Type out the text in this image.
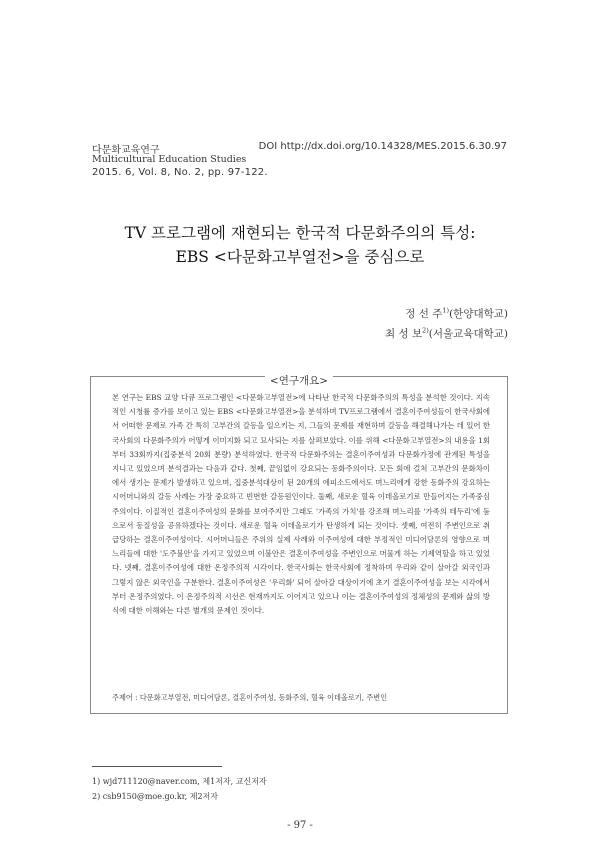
다문화교육연구
Multicultural Education Studies
2015. 6, Vol. 8, No. 2, pp. 97-122.
DOI http://dx.doi.org/10.14328/MES.2015.6.30.97
TV 프로그램에 재현되는 한국적 다문화주의의 특성:
EBS <다문화고부열전>을 중심으로
정 선 주$^{1)}$(한양대학교)
최 성 보$^{2)}$(서울교육대학교)
<연구개요>
본 연구는 EBS 교양 다큐 프로그램인 <다문화고부열전>에 나타난 한국적 다문화주의의 특성을 분석한 것이다. 지속적인 시청률 증가를 보이고 있는 EBS <다문화고부열전>을 분석하며 TV프로그램에서 결혼이주여성들이 한국사회에서 어떠한 문제로 가족 간 특히 고부간의 갈등을 일으키는 지, 그들의 문제를 재현하며 갈등을 해결해나가는 데 있어 한국사회의 다문화주의가 어떻게 이미지화 되고 묘사되는 지를 살펴보았다. 이를 위해 <다문화고부열전>의 내용을 1회부터 33회까지(집중분석 20회 분량) 분석하였다. 한국적 다문화주의는 결혼이주여성과 다문화가정에 관계된 특성을 지니고 있었으며 분석결과는 다음과 같다. 첫째, 끝임없이 강요되는 동화주의이다. 모든 회에 걸쳐 고부간의 문화차이에서 생기는 문제가 발생하고 있으며, 집중분석대상이 된 20개의 에피소드에서도 며느리에게 강한 동화주의 강요하는 시어머니와의 갈등 사례는 가장 중요하고 빈번한 갈등원인이다. 둘째, 새로운 혈육 이데올로기로 만들어지는 가족중심주의이다. 이질적인 결혼이주여성의 문화를 보여주지만 그래도 '가족의 가치'를 강조해 며느리를 '가족의 테두리'에 둠으로서 동질성을 공유하겠다는 것이다. 새로운 혈육 이데올로기가 탄생하게 되는 것이다. 셋째, 여전히 주변인으로 취급당하는 결혼이주여성이다. 시어머니들은 주위의 실제 사례와 이주여성에 대한 부정적인 미디어담론의 영향으로 며느리들에 대한 '도주불안'을 가지고 있었으며 이불안은 결혼이주여성을 주변인으로 머물게 하는 기제역할을 하고 있었다. 넷째, 결혼이주여성에 대한 온정주의적 시각이다. 한국사회는 한국사회에 정착하며 우리와 같이 살아갈 외국인과 그렇지 않은 외국인을 구분한다. 결혼이주여성은 '우리화' 되어 살아갈 대상이기에 초기 결혼이주여성을 보는 시각에서부터 온정주의였다. 이 온정주의적 시선은 현재까지도 이어지고 있으나 이는 결혼이주여성의 정체성의 문제와 삶의 방식에 대한 이해와는 다른 별개의 문제인 것이다.
주제어 : 다문화고부열전, 미디어담론, 결혼이주여성, 동화주의, 혈육 이데올로기, 주변인
1) wjd711120@naver.com, 제1저자, 교신저자
2) csb9150@moe.go.kr, 제2저자
- 97 -
